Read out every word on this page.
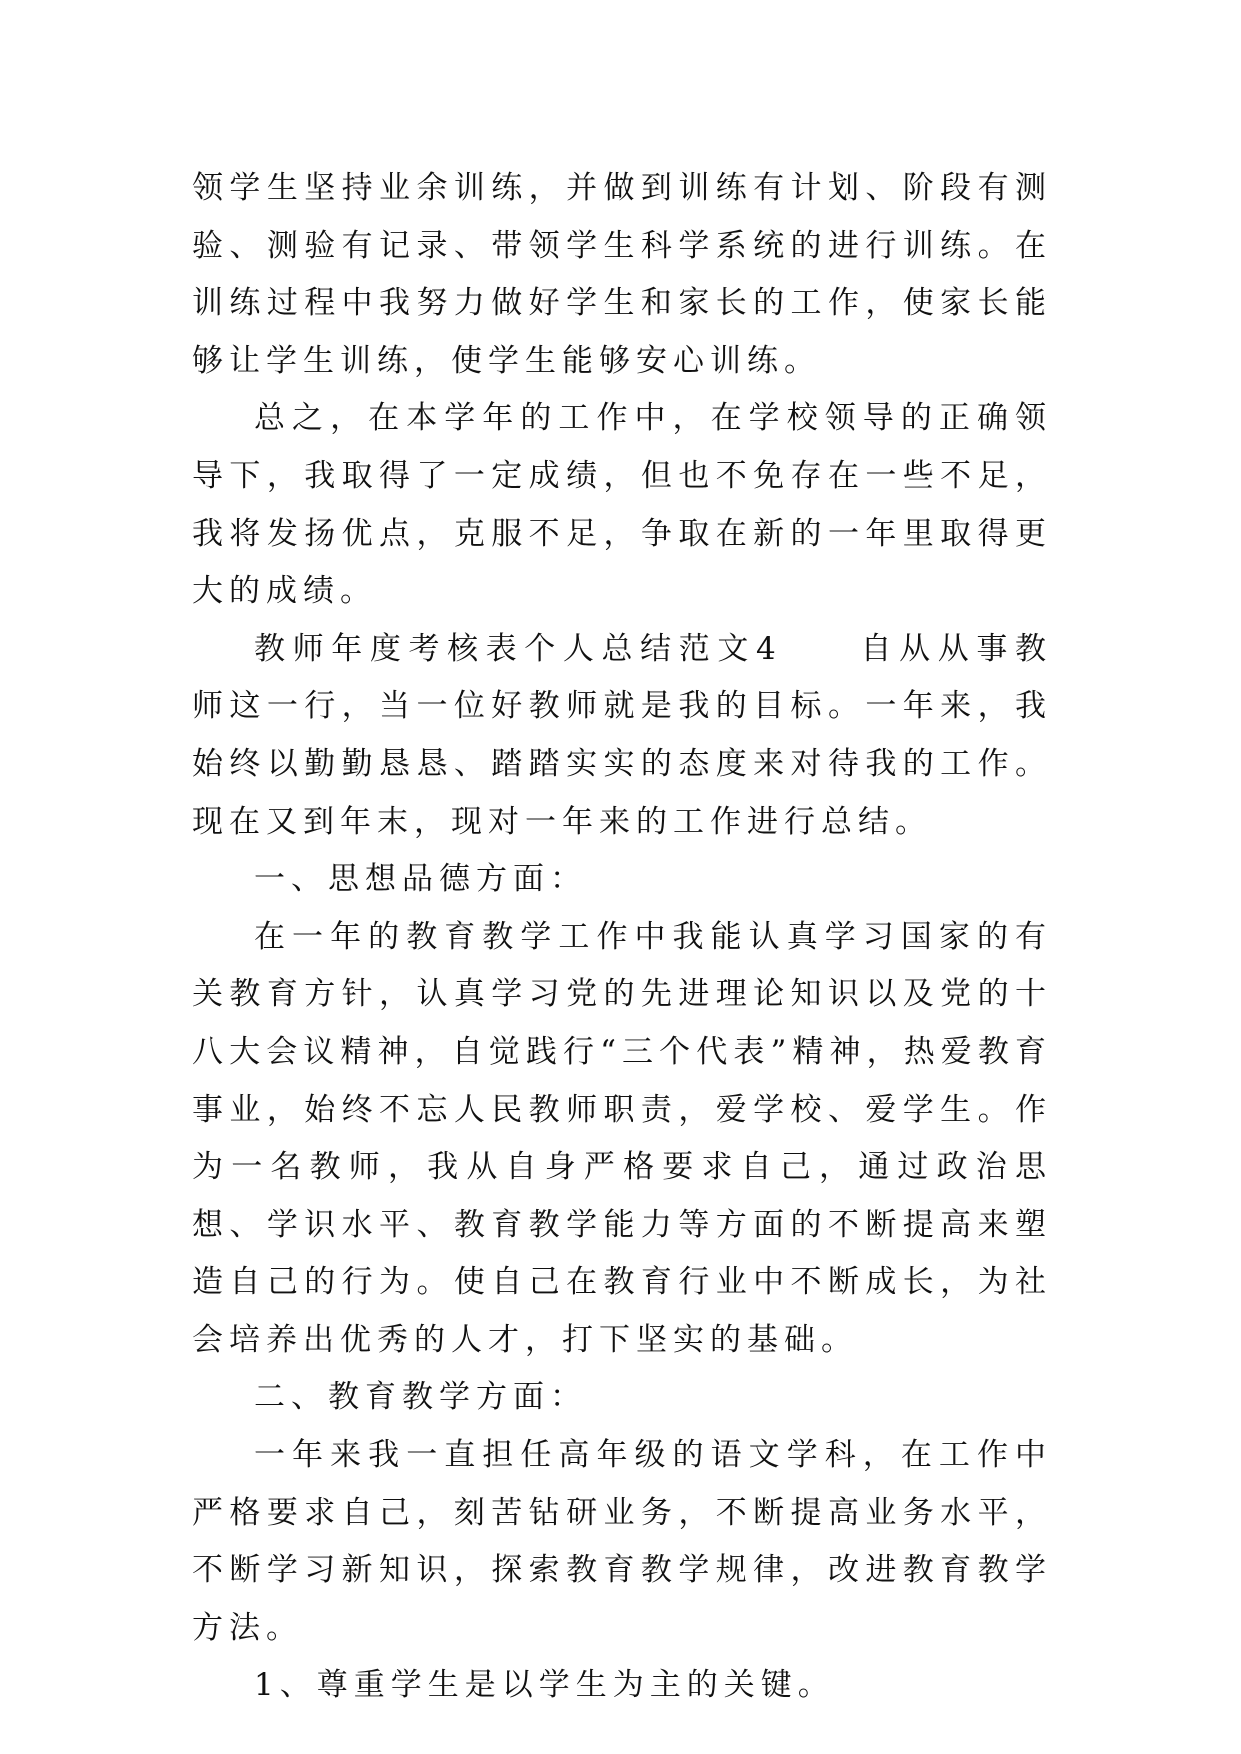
领学生坚持业余训练，并做到训练有计划、阶段有测验、测验有记录、带领学生科学系统的进行训练。在训练过程中我努力做好学生和家长的工作，使家长能够让学生训练，使学生能够安心训练。

总之，在本学年的工作中，在学校领导的正确领导下，我取得了一定成绩，但也不免存在一些不足，我将发扬优点，克服不足，争取在新的一年里取得更大的成绩。

教师年度考核表个人总结范文4　　自从从事教师这一行，当一位好教师就是我的目标。一年来，我始终以勤勤恳恳、踏踏实实的态度来对待我的工作。现在又到年末，现对一年来的工作进行总结。

一、思想品德方面：

在一年的教育教学工作中我能认真学习国家的有关教育方针，认真学习党的先进理论知识以及党的十八大会议精神，自觉践行“三个代表”精神，热爱教育事业，始终不忘人民教师职责，爱学校、爱学生。作为一名教师，我从自身严格要求自己，通过政治思想、学识水平、教育教学能力等方面的不断提高来塑造自己的行为。使自己在教育行业中不断成长，为社会培养出优秀的人才，打下坚实的基础。

二、教育教学方面：

一年来我一直担任高年级的语文学科，在工作中严格要求自己，刻苦钻研业务，不断提高业务水平，不断学习新知识，探索教育教学规律，改进教育教学方法。

1、尊重学生是以学生为主的关键。
